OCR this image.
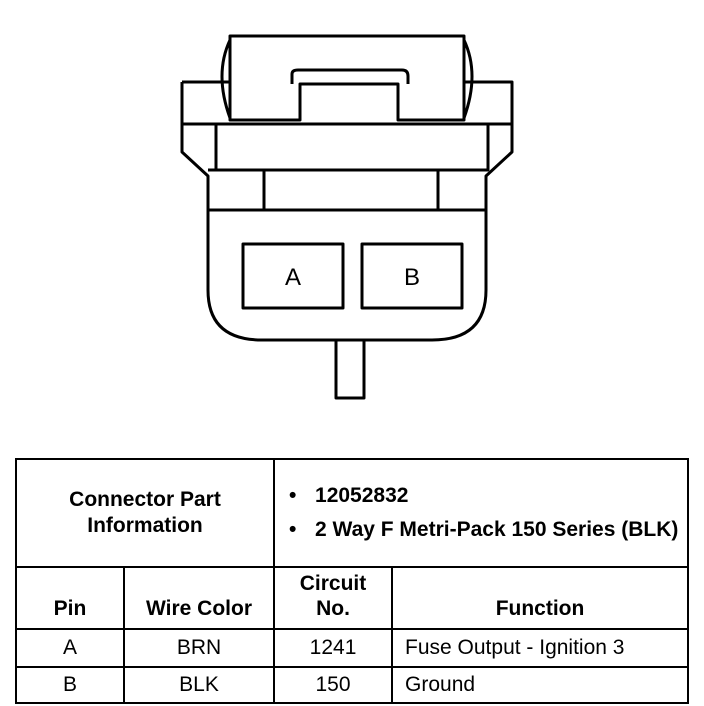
A	B
Connector Part Information		• 12052832
• 2 Way F Metri-Pack 150 Series (BLK)	

Pin	Wire Color	Circuit No.	Function
A	BRN	1241	Fuse Output - Ignition 3
B	BLK	150	Ground
